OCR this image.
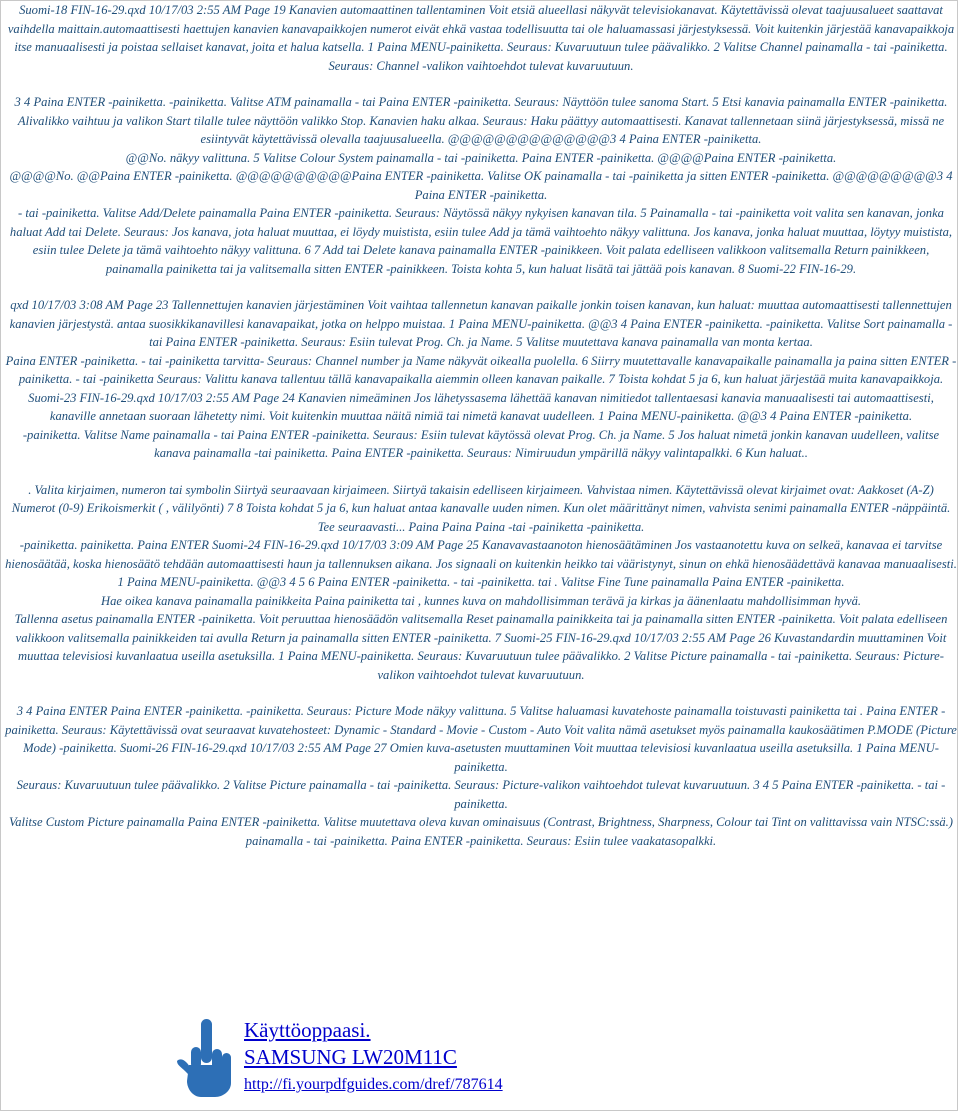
Suomi-18 FIN-16-29.qxd 10/17/03 2:55 AM Page 19 Kanavien automaattinen tallentaminen Voit etsiä alueellasi näkyvät televisiokanavat. Käytettävissä olevat taajuusalueet saattavat vaihdella maittain.automaattisesti haettujen kanavien kanavapaikkojen numerot eivät ehkä vastaa todellisuutta tai ole haluamassasi järjestyksessä. Voit kuitenkin järjestää kanavapaikkoja itse manuaalisesti ja poistaa sellaiset kanavat, joita et halua katsella. 1 Paina MENU-painiketta. Seuraus: Kuvaruutuun tulee päävalikko. 2 Valitse Channel painamalla - tai -painiketta. Seuraus: Channel -valikon vaihtoehdot tulevat kuvaruutuun.

3 4 Paina ENTER -painiketta. -painiketta. Valitse ATM painamalla - tai Paina ENTER -painiketta. Seuraus: Näyttöön tulee sanoma Start. 5 Etsi kanavia painamalla ENTER -painiketta. Alivalikko vaihtuu ja valikon Start tilalle tulee näyttöön valikko Stop. Kanavien haku alkaa. Seuraus: Haku päättyy automaattisesti. Kanavat tallennetaan siinä järjestyksessä, missä ne esiintyvät käytettävissä olevalla taajuusalueella. @@@@@@@@@@@@@@3 4 Paina ENTER -painiketta.

@@No. näkyy valittuna. 5 Valitse Colour System painamalla - tai -painiketta. Paina ENTER -painiketta. @@@@Paina ENTER -painiketta.

@@@@No. @@Paina ENTER -painiketta. @@@@@@@@@@Paina ENTER -painiketta. Valitse OK painamalla - tai -painiketta ja sitten ENTER -painiketta. @@@@@@@@@3 4 Paina ENTER -painiketta.

- tai -painiketta. Valitse Add/Delete painamalla Paina ENTER -painiketta. Seuraus: Näytössä näkyy nykyisen kanavan tila. 5 Painamalla - tai -painiketta voit valita sen kanavan, jonka haluat Add tai Delete. Seuraus: Jos kanava, jota haluat muuttaa, ei löydy muistista, esiin tulee Add ja tämä vaihtoehto näkyy valittuna. Jos kanava, jonka haluat muuttaa, löytyy muistista, esiin tulee Delete ja tämä vaihtoehto näkyy valittuna. 6 7 Add tai Delete kanava painamalla ENTER -painikkeen. Voit palata edelliseen valikkoon valitsemalla Return painikkeen, painamalla painiketta tai ja valitsemalla sitten ENTER -painikkeen. Toista kohta 5, kun haluat lisätä tai jättää pois kanavan. 8 Suomi-22 FIN-16-29.

qxd 10/17/03 3:08 AM Page 23 Tallennettujen kanavien järjestäminen Voit vaihtaa tallennetun kanavan paikalle jonkin toisen kanavan, kun haluat: muuttaa automaattisesti tallennettujen kanavien järjestystä. antaa suosikkikanavillesi kanavapaikat, jotka on helppo muistaa. 1 Paina MENU-painiketta. @@3 4 Paina ENTER -painiketta. -painiketta. Valitse Sort painamalla - tai Paina ENTER -painiketta. Seuraus: Esiin tulevat Prog. Ch. ja Name. 5 Valitse muutettava kanava painamalla van monta kertaa.

Paina ENTER -painiketta. - tai -painiketta tarvitta- Seuraus: Channel number ja Name näkyvät oikealla puolella. 6 Siirry muutettavalle kanavapaikalle painamalla ja paina sitten ENTER -painiketta. - tai -painiketta Seuraus: Valittu kanava tallentuu tällä kanavapaikalla aiemmin olleen kanavan paikalle. 7 Toista kohdat 5 ja 6, kun haluat järjestää muita kanavapaikkoja.

Suomi-23 FIN-16-29.qxd 10/17/03 2:55 AM Page 24 Kanavien nimeäminen Jos lähetyssasema lähettää kanavan nimitiedot tallentaesasi kanavia manuaalisesti tai automaattisesti, kanaville annetaan suoraan lähetetty nimi. Voit kuitenkin muuttaa näitä nimiä tai nimetä kanavat uudelleen. 1 Paina MENU-painiketta. @@3 4 Paina ENTER -painiketta.

-painiketta. Valitse Name painamalla - tai Paina ENTER -painiketta. Seuraus: Esiin tulevat käytössä olevat Prog. Ch. ja Name. 5 Jos haluat nimetä jonkin kanavan uudelleen, valitse kanava painamalla -tai painiketta. Paina ENTER -painiketta. Seuraus: Nimiruudun ympärillä näkyy valintapalkki. 6 Kun haluat..

. Valita kirjaimen, numeron tai symbolin Siirtyä seuraavaan kirjaimeen. Siirtyä takaisin edelliseen kirjaimeen. Vahvistaa nimen. Käytettävissä olevat kirjaimet ovat: Aakkoset (A-Z) Numerot (0-9) Erikoismerkit ( , välilyönti) 7 8 Toista kohdat 5 ja 6, kun haluat antaa kanavalle uuden nimen. Kun olet määrittänyt nimen, vahvista senimi painamalla ENTER -näppäintä. Tee seuraavasti... Paina Paina Paina -tai -painiketta -painiketta.

-painiketta. painiketta. Paina ENTER Suomi-24 FIN-16-29.qxd 10/17/03 3:09 AM Page 25 Kanavavastaanoton hienosäätäminen Jos vastaanotettu kuva on selkeä, kanavaa ei tarvitse hienosäätää, koska hienosäätö tehdään automaattisesti haun ja tallennuksen aikana. Jos signaali on kuitenkin heikko tai vääristynyt, sinun on ehkä hienosäädettävä kanavaa manuaalisesti.

1 Paina MENU-painiketta. @@3 4 5 6 Paina ENTER -painiketta. - tai -painiketta. tai . Valitse Fine Tune painamalla Paina ENTER -painiketta.

Hae oikea kanava painamalla painikkeita Paina painiketta tai , kunnes kuva on mahdollisimman terävä ja kirkas ja äänenlaatu mahdollisimman hyvä.

Tallenna asetus painamalla ENTER -painiketta. Voit peruuttaa hienosäädön valitsemalla Reset painamalla painikkeita tai ja painamalla sitten ENTER -painiketta. Voit palata edelliseen valikkoon valitsemalla painikkeiden tai avulla Return ja painamalla sitten ENTER -painiketta. 7 Suomi-25 FIN-16-29.qxd 10/17/03 2:55 AM Page 26 Kuvastandardin muuttaminen Voit muuttaa televisiosi kuvanlaatua useilla asetuksilla. 1 Paina MENU-painiketta. Seuraus: Kuvaruutuun tulee päävalikko. 2 Valitse Picture painamalla - tai -painiketta. Seuraus: Picture-valikon vaihtoehdot tulevat kuvaruutuun.

3 4 Paina ENTER Paina ENTER -painiketta. -painiketta. Seuraus: Picture Mode näkyy valittuna. 5 Valitse haluamasi kuvatehoste painamalla toistuvasti painiketta tai . Paina ENTER -painiketta. Seuraus: Käytettävissä ovat seuraavat kuvatehosteet: Dynamic - Standard - Movie - Custom - Auto Voit valita nämä asetukset myös painamalla kaukosäätimen P.MODE (Picture Mode) -painiketta. Suomi-26 FIN-16-29.qxd 10/17/03 2:55 AM Page 27 Omien kuva-asetusten muuttaminen Voit muuttaa televisiosi kuvanlaatua useilla asetuksilla. 1 Paina MENU-painiketta.

Seuraus: Kuvaruutuun tulee päävalikko. 2 Valitse Picture painamalla - tai -painiketta. Seuraus: Picture-valikon vaihtoehdot tulevat kuvaruutuun. 3 4 5 Paina ENTER -painiketta. - tai -painiketta.

Valitse Custom Picture painamalla Paina ENTER -painiketta. Valitse muutettava oleva kuvan ominaisuus (Contrast, Brightness, Sharpness, Colour tai Tint on valittavissa vain NTSC:ssä.) painamalla - tai -painiketta. Paina ENTER -painiketta. Seuraus: Esiin tulee vaakatasopalkki.

Käyttöoppaasi.
SAMSUNG LW20M11C
http://fi.yourpdfguides.com/dref/787614
